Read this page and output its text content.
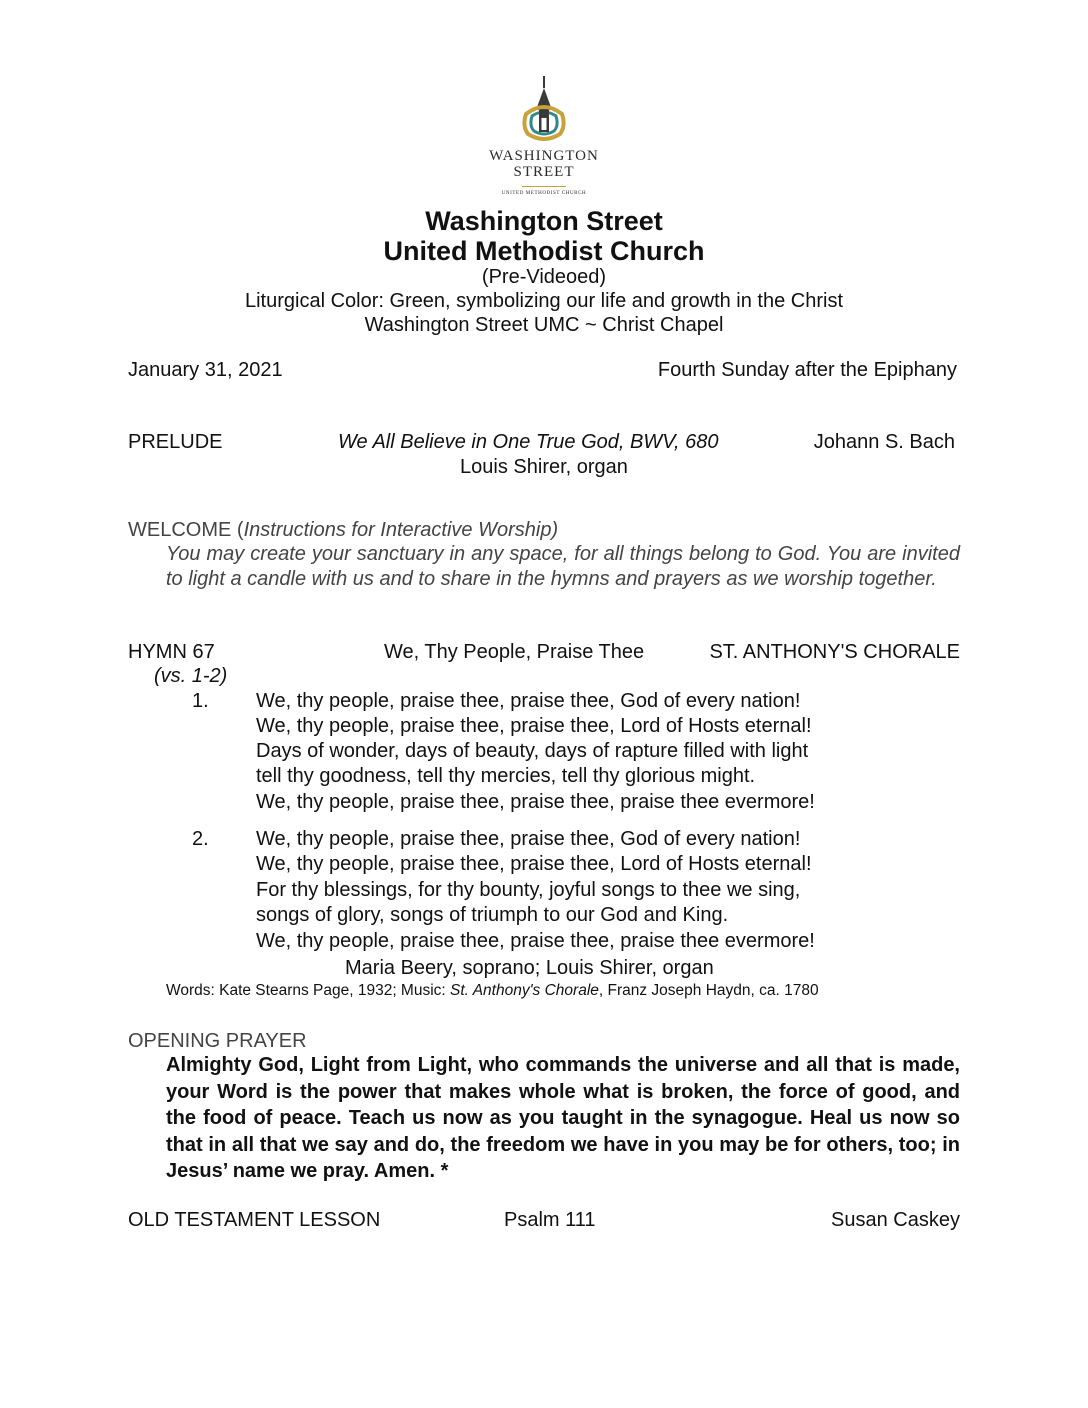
WASHINGTON
STREET
UNITED METHODIST CHURCH
Washington Street
United Methodist Church
(Pre-Videoed)
Liturgical Color: Green, symbolizing our life and growth in the Christ
Washington Street UMC ~ Christ Chapel
January 31, 2021	Fourth Sunday after the Epiphany
PRELUDE	We All Believe in One True God, BWV, 680	Johann S. Bach
Louis Shirer, organ
WELCOME (Instructions for Interactive Worship)
You may create your sanctuary in any space, for all things belong to God. You are invited to light a candle with us and to share in the hymns and prayers as we worship together.
HYMN 67
(vs. 1-2)
We, Thy People, Praise Thee	ST. ANTHONY'S CHORALE
1. We, thy people, praise thee, praise thee, God of every nation!
We, thy people, praise thee, praise thee, Lord of Hosts eternal!
Days of wonder, days of beauty, days of rapture filled with light
tell thy goodness, tell thy mercies, tell thy glorious might.
We, thy people, praise thee, praise thee, praise thee evermore!
2. We, thy people, praise thee, praise thee, God of every nation!
We, thy people, praise thee, praise thee, Lord of Hosts eternal!
For thy blessings, for thy bounty, joyful songs to thee we sing,
songs of glory, songs of triumph to our God and King.
We, thy people, praise thee, praise thee, praise thee evermore!
Maria Beery, soprano; Louis Shirer, organ
Words: Kate Stearns Page, 1932; Music: St. Anthony's Chorale, Franz Joseph Haydn, ca. 1780
OPENING PRAYER
Almighty God, Light from Light, who commands the universe and all that is made, your Word is the power that makes whole what is broken, the force of good, and the food of peace. Teach us now as you taught in the synagogue. Heal us now so that in all that we say and do, the freedom we have in you may be for others, too; in Jesus’ name we pray. Amen. *
OLD TESTAMENT LESSON	Psalm 111	Susan Caskey
